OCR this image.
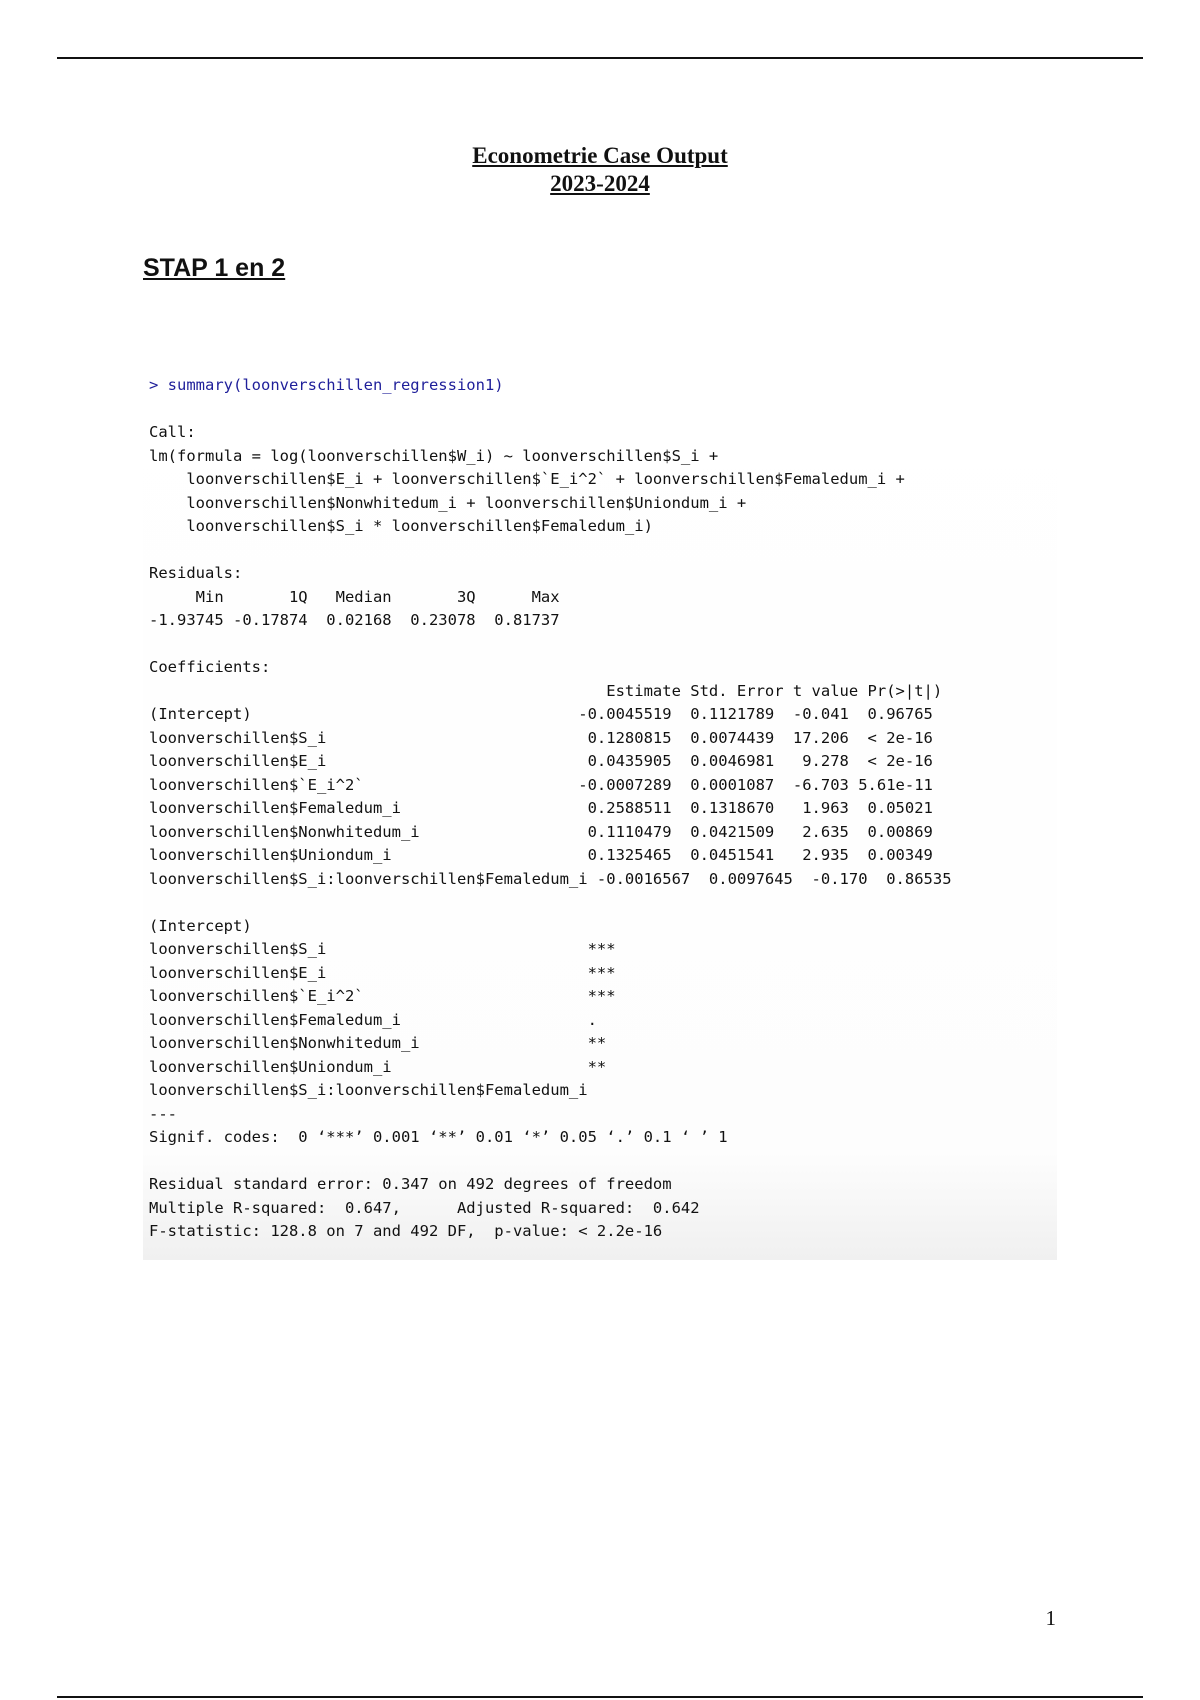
Econometrie Case Output
2023-2024
STAP 1 en 2
> summary(loonverschillen_regression1)

Call:
lm(formula = log(loonverschillen$W_i) ~ loonverschillen$S_i +
loonverschillen$E_i + loonverschillen$`E_i^2` + loonverschillen$Femaledum_i +
loonverschillen$Nonwhitedum_i + loonverschillen$Uniondum_i +
loonverschillen$S_i * loonverschillen$Femaledum_i)

Residuals:
Min       1Q   Median       3Q      Max
-1.93745 -0.17874  0.02168  0.23078  0.81737

Coefficients:
Estimate Std. Error t value Pr(>|t|)
(Intercept)                                   -0.0045519  0.1121789  -0.041  0.96765
loonverschillen$S_i                            0.1280815  0.0074439  17.206  < 2e-16
loonverschillen$E_i                            0.0435905  0.0046981   9.278  < 2e-16
loonverschillen$`E_i^2`                       -0.0007289  0.0001087  -6.703 5.61e-11
loonverschillen$Femaledum_i                    0.2588511  0.1318670   1.963  0.05021
loonverschillen$Nonwhitedum_i                  0.1110479  0.0421509   2.635  0.00869
loonverschillen$Uniondum_i                     0.1325465  0.0451541   2.935  0.00349
loonverschillen$S_i:loonverschillen$Femaledum_i -0.0016567  0.0097645  -0.170  0.86535

(Intercept)
loonverschillen$S_i                            ***
loonverschillen$E_i                            ***
loonverschillen$`E_i^2`                        ***
loonverschillen$Femaledum_i                    .
loonverschillen$Nonwhitedum_i                  **
loonverschillen$Uniondum_i                     **
loonverschillen$S_i:loonverschillen$Femaledum_i
---
Signif. codes:  0 ‘***’ 0.001 ‘**’ 0.01 ‘*’ 0.05 ‘.’ 0.1 ‘ ’ 1

Residual standard error: 0.347 on 492 degrees of freedom
Multiple R-squared:  0.647,      Adjusted R-squared:  0.642
F-statistic: 128.8 on 7 and 492 DF,  p-value: < 2.2e-16
1
